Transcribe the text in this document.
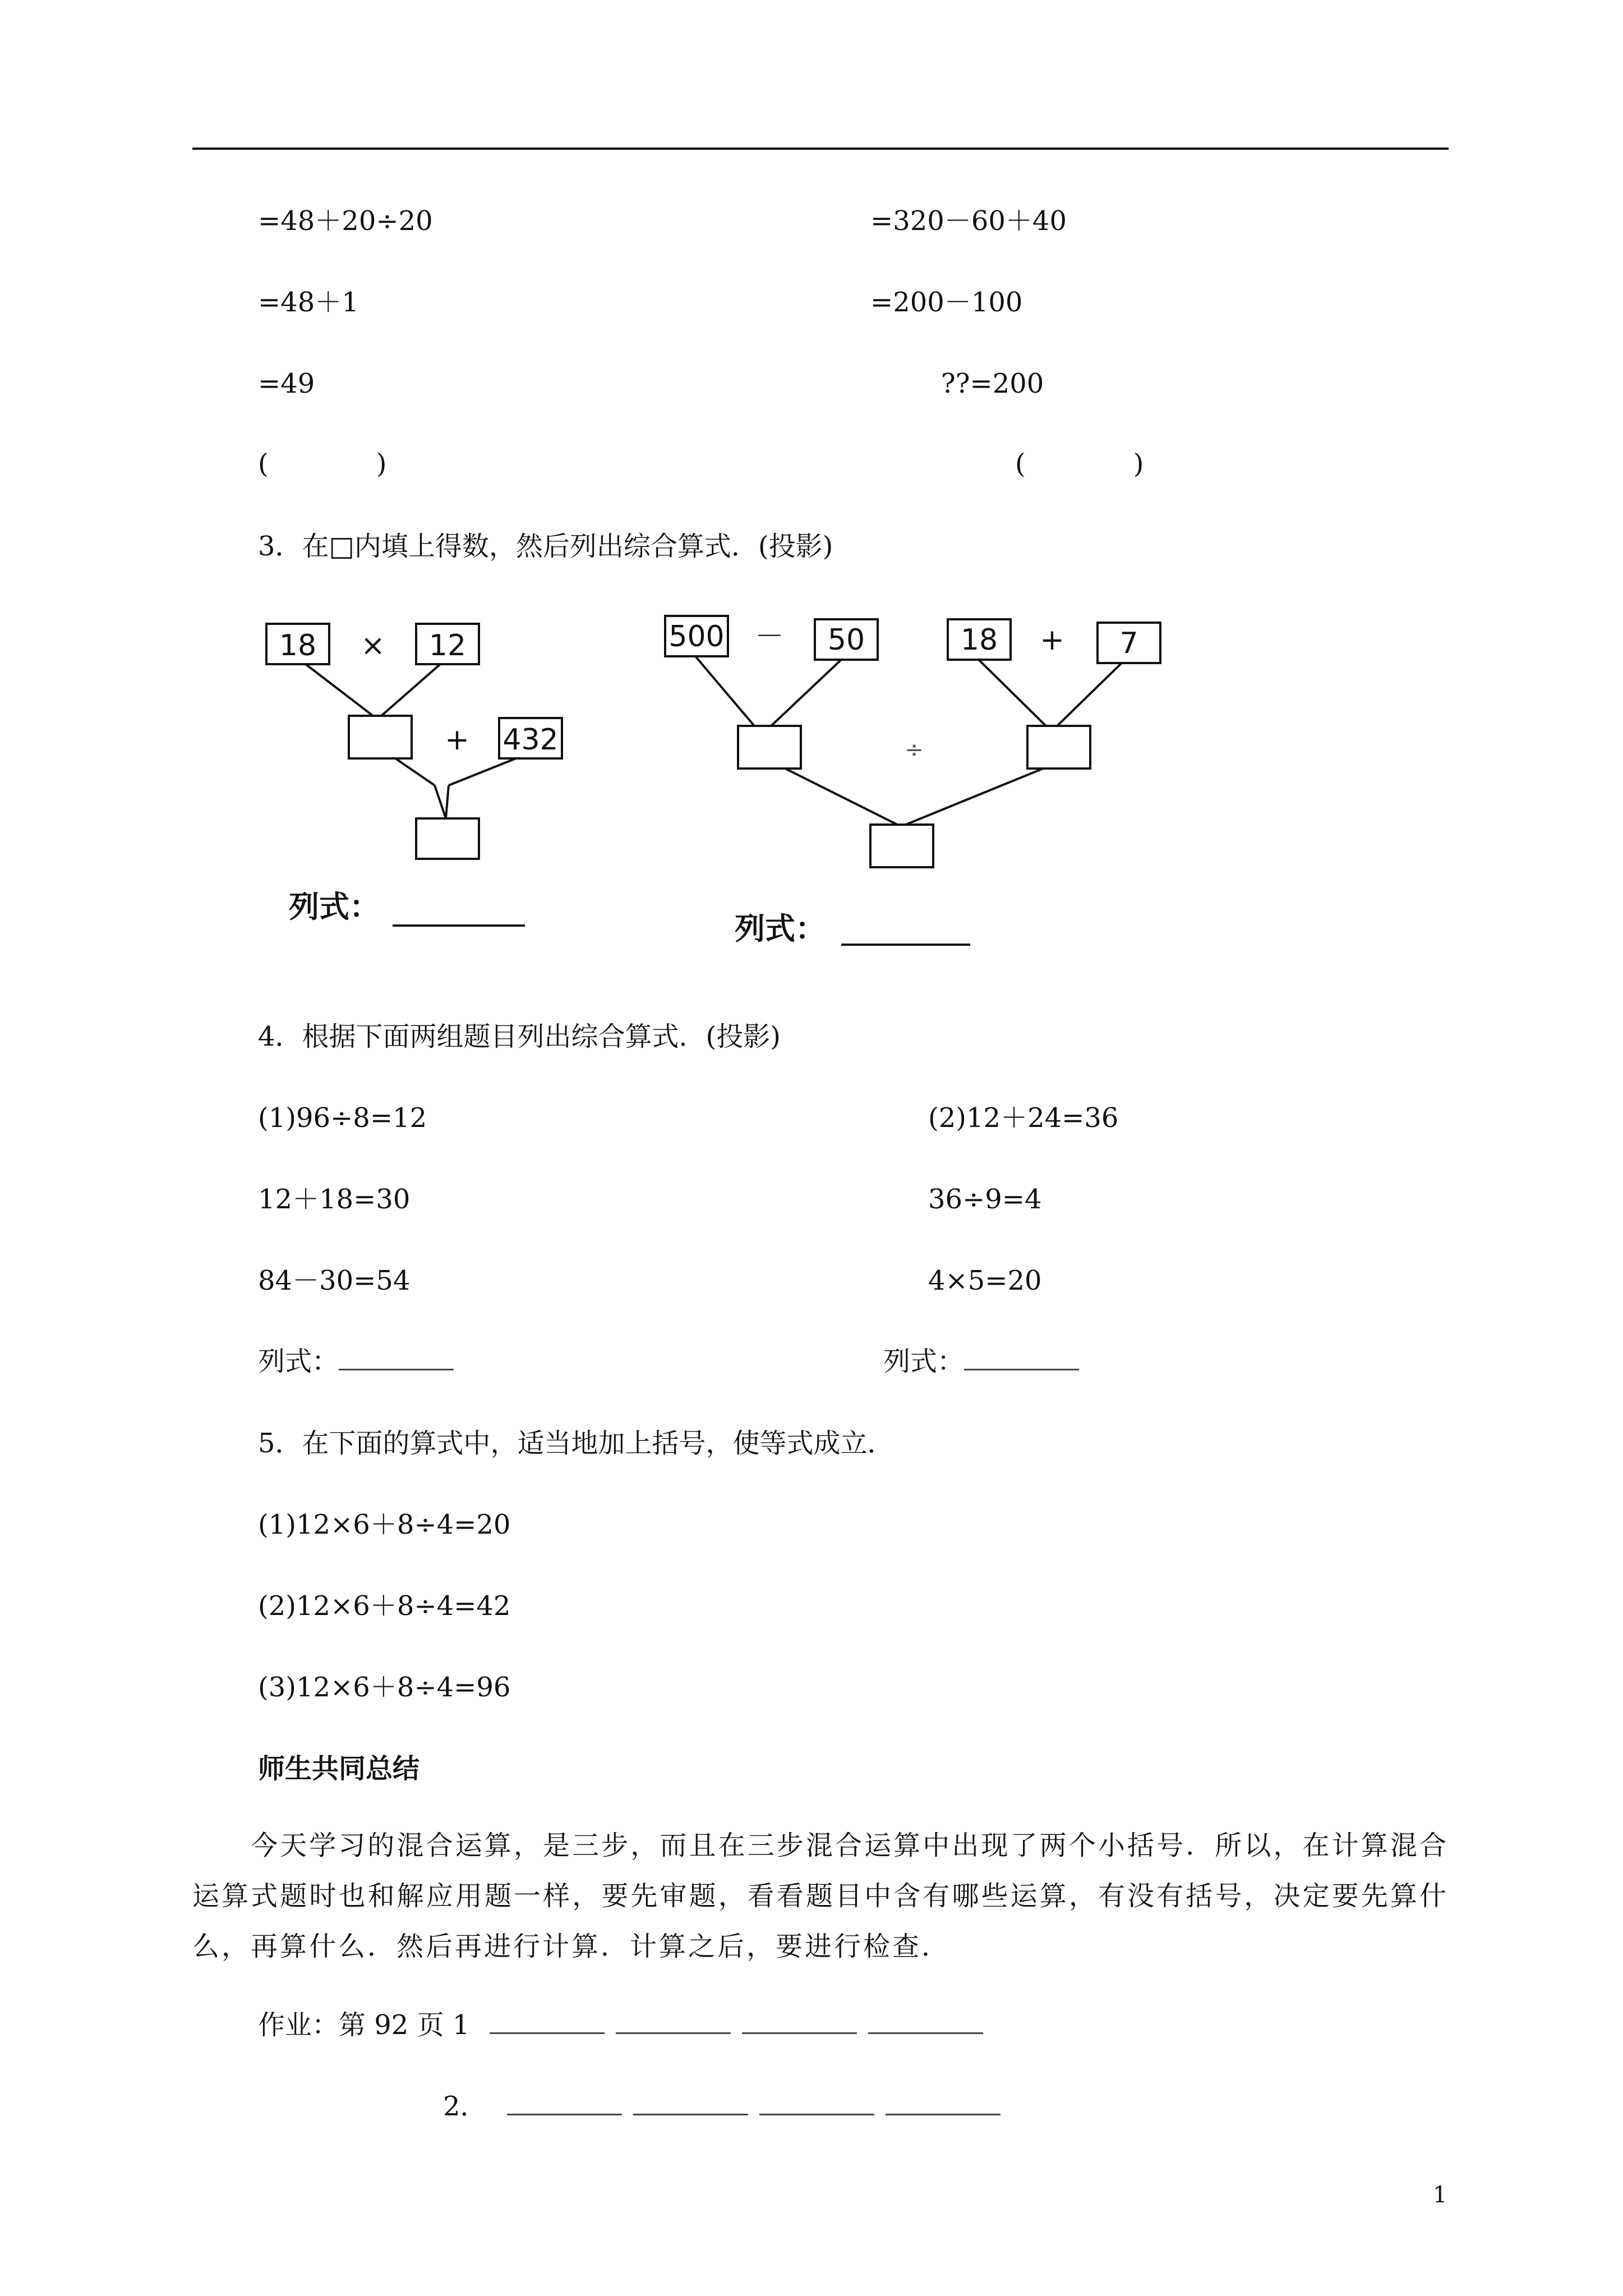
=48＋20÷20
=48＋1
=49
(　　　　)
=320－60＋40
=200－100
??=200
(　　　　)
3．在□内填上得数，然后列出综合算式．(投影)
18 × 12
+ 432
500 － 50	18 + 7
÷
列式：
列式：
4．根据下面两组题目列出综合算式．(投影)
(1)96÷8=12
12＋18=30
84－30=54
(2)12＋24=36
36÷9=4
4×5=20
列式：	列式：
5．在下面的算式中，适当地加上括号，使等式成立．
(1)12×6＋8÷4=20
(2)12×6＋8÷4=42
(3)12×6＋8÷4=96
师生共同总结
今天学习的混合运算，是三步，而且在三步混合运算中出现了两个小括号．所以，在计算混合运算式题时也和解应用题一样，要先审题，看看题目中含有哪些运算，有没有括号，决定要先算什么，再算什么．然后再进行计算．计算之后，要进行检查．
作业：第 92 页 1
2．
1
